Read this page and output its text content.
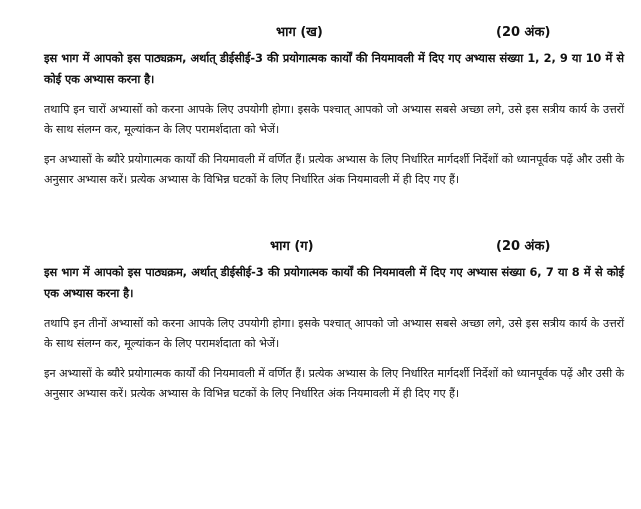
भाग (ख)	(20 अंक)

इस भाग में आपको इस पाठ्यक्रम, अर्थात् डीईसीई-3 की प्रयोगात्मक कार्यों की नियमावली में दिए गए अभ्यास संख्या 1, 2, 9 या 10 में से कोई एक अभ्यास करना है।

तथापि इन चारों अभ्यासों को करना आपके लिए उपयोगी होगा। इसके पश्चात् आपको जो अभ्यास सबसे अच्छा लगे, उसे इस सत्रीय कार्य के उत्तरों के साथ संलग्न कर, मूल्यांकन के लिए परामर्शदाता को भेजें।

इन अभ्यासों के ब्यौरे प्रयोगात्मक कार्यों की नियमावली में वर्णित हैं। प्रत्येक अभ्यास के लिए निर्धारित मार्गदर्शी निर्देशों को ध्यानपूर्वक पढ़ें और उसी के अनुसार अभ्यास करें। प्रत्येक अभ्यास के विभिन्न घटकों के लिए निर्धारित अंक नियमावली में ही दिए गए हैं।

भाग (ग)	(20 अंक)

इस भाग में आपको इस पाठ्यक्रम, अर्थात् डीईसीई-3 की प्रयोगात्मक कार्यों की नियमावली में दिए गए अभ्यास संख्या 6, 7 या 8 में से कोई एक अभ्यास करना है।

तथापि इन तीनों अभ्यासों को करना आपके लिए उपयोगी होगा। इसके पश्चात् आपको जो अभ्यास सबसे अच्छा लगे, उसे इस सत्रीय कार्य के उत्तरों के साथ संलग्न कर, मूल्यांकन के लिए परामर्शदाता को भेजें।

इन अभ्यासों के ब्यौरे प्रयोगात्मक कार्यों की नियमावली में वर्णित हैं। प्रत्येक अभ्यास के लिए निर्धारित मार्गदर्शी निर्देशों को ध्यानपूर्वक पढ़ें और उसी के अनुसार अभ्यास करें। प्रत्येक अभ्यास के विभिन्न घटकों के लिए निर्धारित अंक नियमावली में ही दिए गए हैं।
